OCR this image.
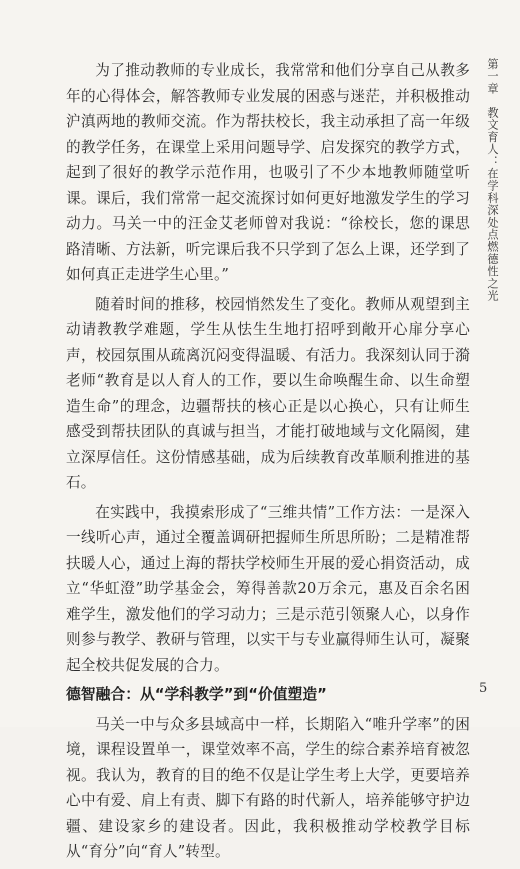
为了推动教师的专业成长，我常常和他们分享自己从教多年的心得体会，解答教师专业发展的困惑与迷茫，并积极推动沪滇两地的教师交流。作为帮扶校长，我主动承担了高一年级的教学任务，在课堂上采用问题导学、启发探究的教学方式，起到了很好的教学示范作用，也吸引了不少本地教师随堂听课。课后，我们常常一起交流探讨如何更好地激发学生的学习动力。马关一中的汪金艾老师曾对我说：“徐校长，您的课思路清晰、方法新，听完课后我不只学到了怎么上课，还学到了如何真正走进学生心里。”

随着时间的推移，校园悄然发生了变化。教师从观望到主动请教教学难题，学生从怯生生地打招呼到敞开心扉分享心声，校园氛围从疏离沉闷变得温暖、有活力。我深刻认同于漪老师“教育是以人育人的工作，要以生命唤醒生命、以生命塑造生命”的理念，边疆帮扶的核心正是以心换心，只有让师生感受到帮扶团队的真诚与担当，才能打破地域与文化隔阂，建立深厚信任。这份情感基础，成为后续教育改革顺利推进的基石。

在实践中，我摸索形成了“三维共情”工作方法：一是深入一线听心声，通过全覆盖调研把握师生所思所盼；二是精准帮扶暖人心，通过上海的帮扶学校师生开展的爱心捐资活动，成立“华虹澄”助学基金会，筹得善款20万余元，惠及百余名困难学生，激发他们的学习动力；三是示范引领聚人心，以身作则参与教学、教研与管理，以实干与专业赢得师生认可，凝聚起全校共促发展的合力。

德智融合：从“学科教学”到“价值塑造”

马关一中与众多县域高中一样，长期陷入“唯升学率”的困境，课程设置单一，课堂效率不高，学生的综合素养培育被忽视。我认为，教育的目的绝不仅是让学生考上大学，更要培养心中有爱、肩上有责、脚下有路的时代新人，培养能够守护边疆、建设家乡的建设者。因此，我积极推动学校教学目标从“育分”向“育人”转型。

第一章教文育人：在学科深处点燃德性之光
5
